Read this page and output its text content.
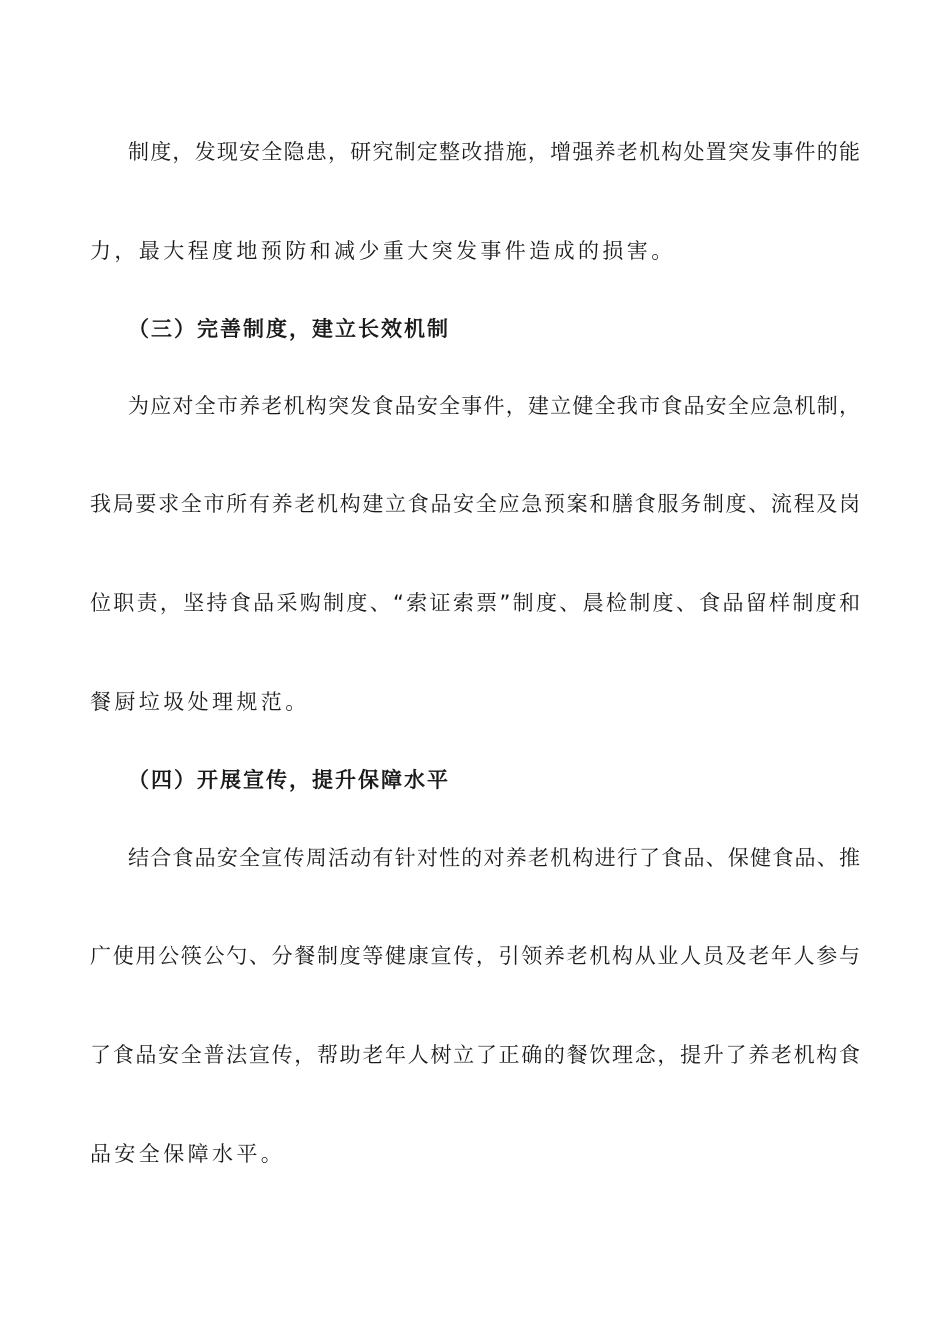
制度，发现安全隐患，研究制定整改措施，增强养老机构处置突发事件的能
力，最大程度地预防和减少重大突发事件造成的损害。
（三）完善制度，建立长效机制
为应对全市养老机构突发食品安全事件，建立健全我市食品安全应急机制，
我局要求全市所有养老机构建立食品安全应急预案和膳食服务制度、流程及岗
位职责，坚持食品采购制度、“索证索票”制度、晨检制度、食品留样制度和
餐厨垃圾处理规范。
（四）开展宣传，提升保障水平
结合食品安全宣传周活动有针对性的对养老机构进行了食品、保健食品、推
广使用公筷公勺、分餐制度等健康宣传，引领养老机构从业人员及老年人参与
了食品安全普法宣传，帮助老年人树立了正确的餐饮理念，提升了养老机构食
品安全保障水平。
